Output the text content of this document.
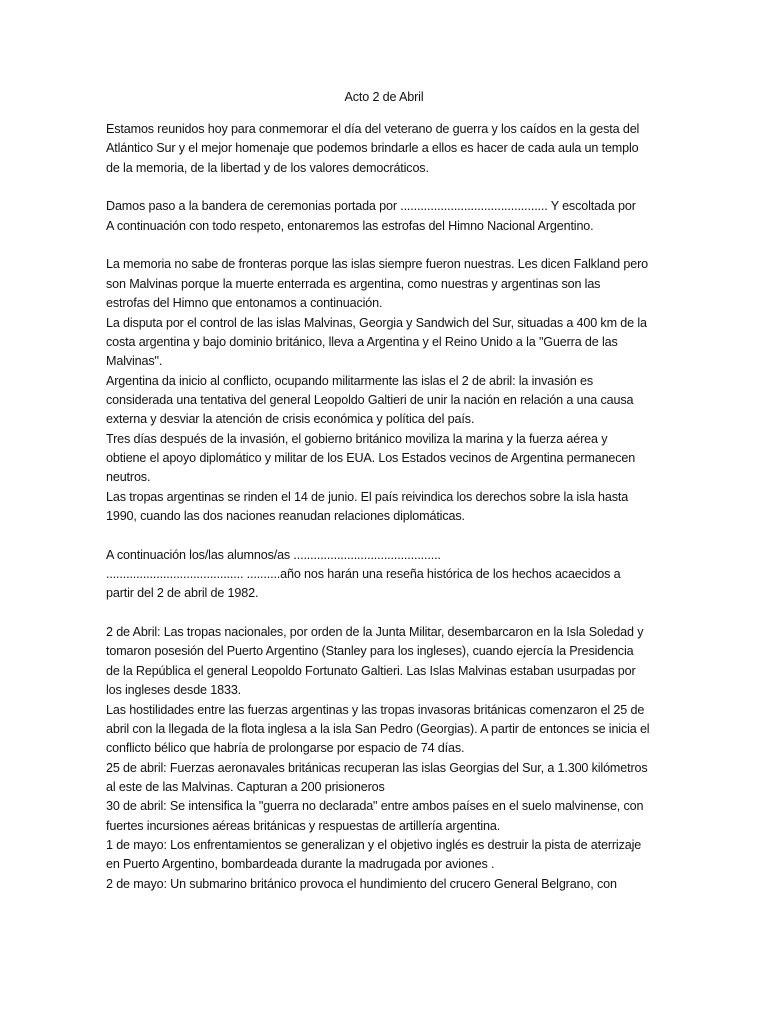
Acto 2 de Abril

Estamos reunidos hoy para conmemorar el día del veterano de guerra y los caídos en la gesta del

Atlántico Sur y el mejor homenaje que podemos brindarle a ellos es hacer de cada aula un templo

de la memoria, de la libertad y de los valores democráticos.

Damos paso a la bandera de ceremonias portada por ............................................ Y escoltada por

A continuación con todo respeto, entonaremos las estrofas del Himno Nacional Argentino.

La memoria no sabe de fronteras porque las islas siempre fueron nuestras. Les dicen Falkland pero

son Malvinas porque la muerte enterrada es argentina, como nuestras y argentinas son las

estrofas del Himno que entonamos a continuación.

La disputa por el control de las islas Malvinas, Georgia y Sandwich del Sur, situadas a 400 km de la

costa argentina y bajo dominio británico, lleva a Argentina y el Reino Unido a la "Guerra de las

Malvinas".

Argentina da inicio al conflicto, ocupando militarmente las islas el 2 de abril: la invasión es

considerada una tentativa del general Leopoldo Galtieri de unir la nación en relación a una causa

externa y desviar la atención de crisis económica y política del país.

Tres días después de la invasión, el gobierno británico moviliza la marina y la fuerza aérea y

obtiene el apoyo diplomático y militar de los EUA. Los Estados vecinos de Argentina permanecen

neutros.

Las tropas argentinas se rinden el 14 de junio. El país reivindica los derechos sobre la isla hasta

1990, cuando las dos naciones reanudan relaciones diplomáticas.

A continuación los/las alumnos/as ............................................

......................................... ..........año nos harán una reseña histórica de los hechos acaecidos a

partir del 2 de abril de 1982.

2 de Abril: Las tropas nacionales, por orden de la Junta Militar, desembarcaron en la Isla Soledad y

tomaron posesión del Puerto Argentino (Stanley para los ingleses), cuando ejercía la Presidencia

de la República el general Leopoldo Fortunato Galtieri. Las Islas Malvinas estaban usurpadas por

los ingleses desde 1833.

Las hostilidades entre las fuerzas argentinas y las tropas invasoras británicas comenzaron el 25 de

abril con la llegada de la flota inglesa a la isla San Pedro (Georgias). A partir de entonces se inicia el

conflicto bélico que habría de prolongarse por espacio de 74 días.

25 de abril: Fuerzas aeronavales británicas recuperan las islas Georgias del Sur, a 1.300 kilómetros

al este de las Malvinas. Capturan a 200 prisioneros

30 de abril: Se intensifica la "guerra no declarada" entre ambos países en el suelo malvinense, con

fuertes incursiones aéreas británicas y respuestas de artillería argentina.

1 de mayo: Los enfrentamientos se generalizan y el objetivo inglés es destruir la pista de aterrizaje

en Puerto Argentino, bombardeada durante la madrugada por aviones .

2 de mayo: Un submarino británico provoca el hundimiento del crucero General Belgrano, con
